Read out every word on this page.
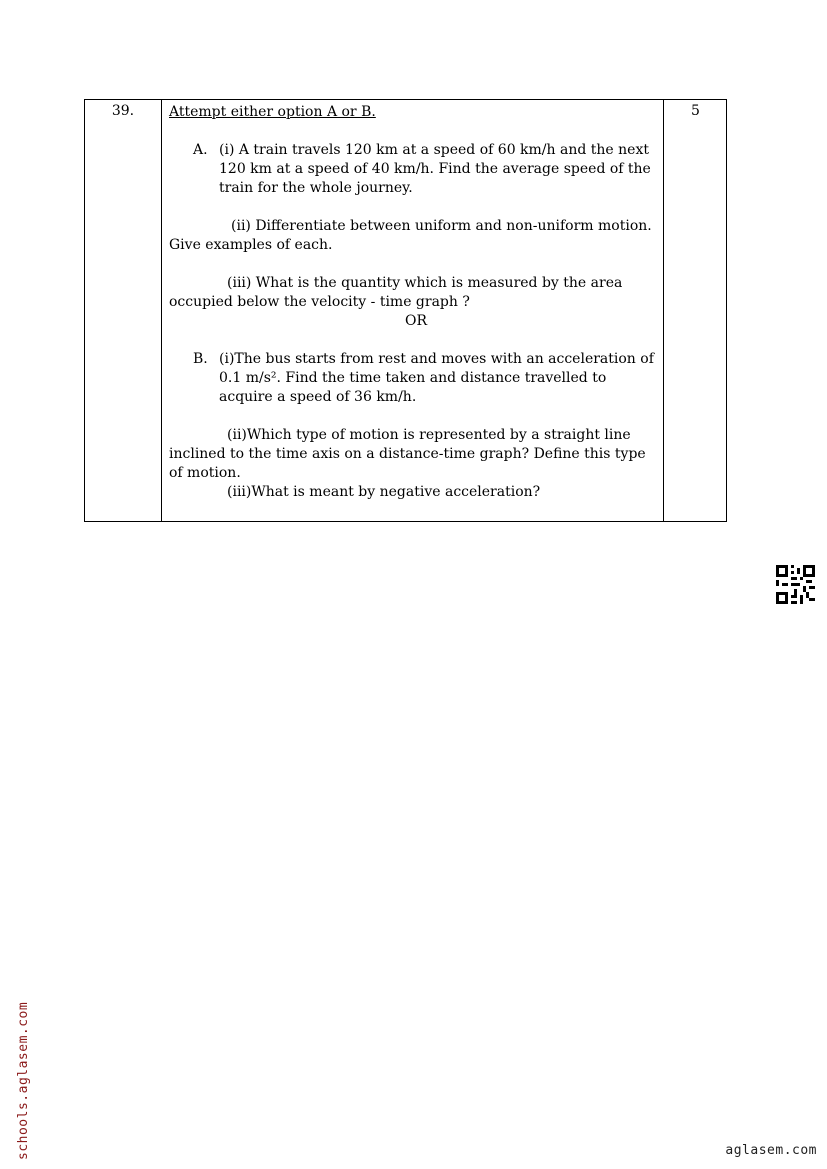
39.	Attempt either option A or B.

A. (i) A train travels 120 km at a speed of 60 km/h and the next 120 km at a speed of 40 km/h. Find the average speed of the train for the whole journey.

(ii) Differentiate between uniform and non-uniform motion. Give examples of each.

(iii) What is the quantity which is measured by the area occupied below the velocity - time graph ?

OR

B. (i)The bus starts from rest and moves with an acceleration of 0.1 m/s². Find the time taken and distance travelled to acquire a speed of 36 km/h.

(ii)Which type of motion is represented by a straight line inclined to the time axis on a distance-time graph? Define this type of motion.

(iii)What is meant by negative acceleration?

5
schools.aglasem.com	aglasem.com
